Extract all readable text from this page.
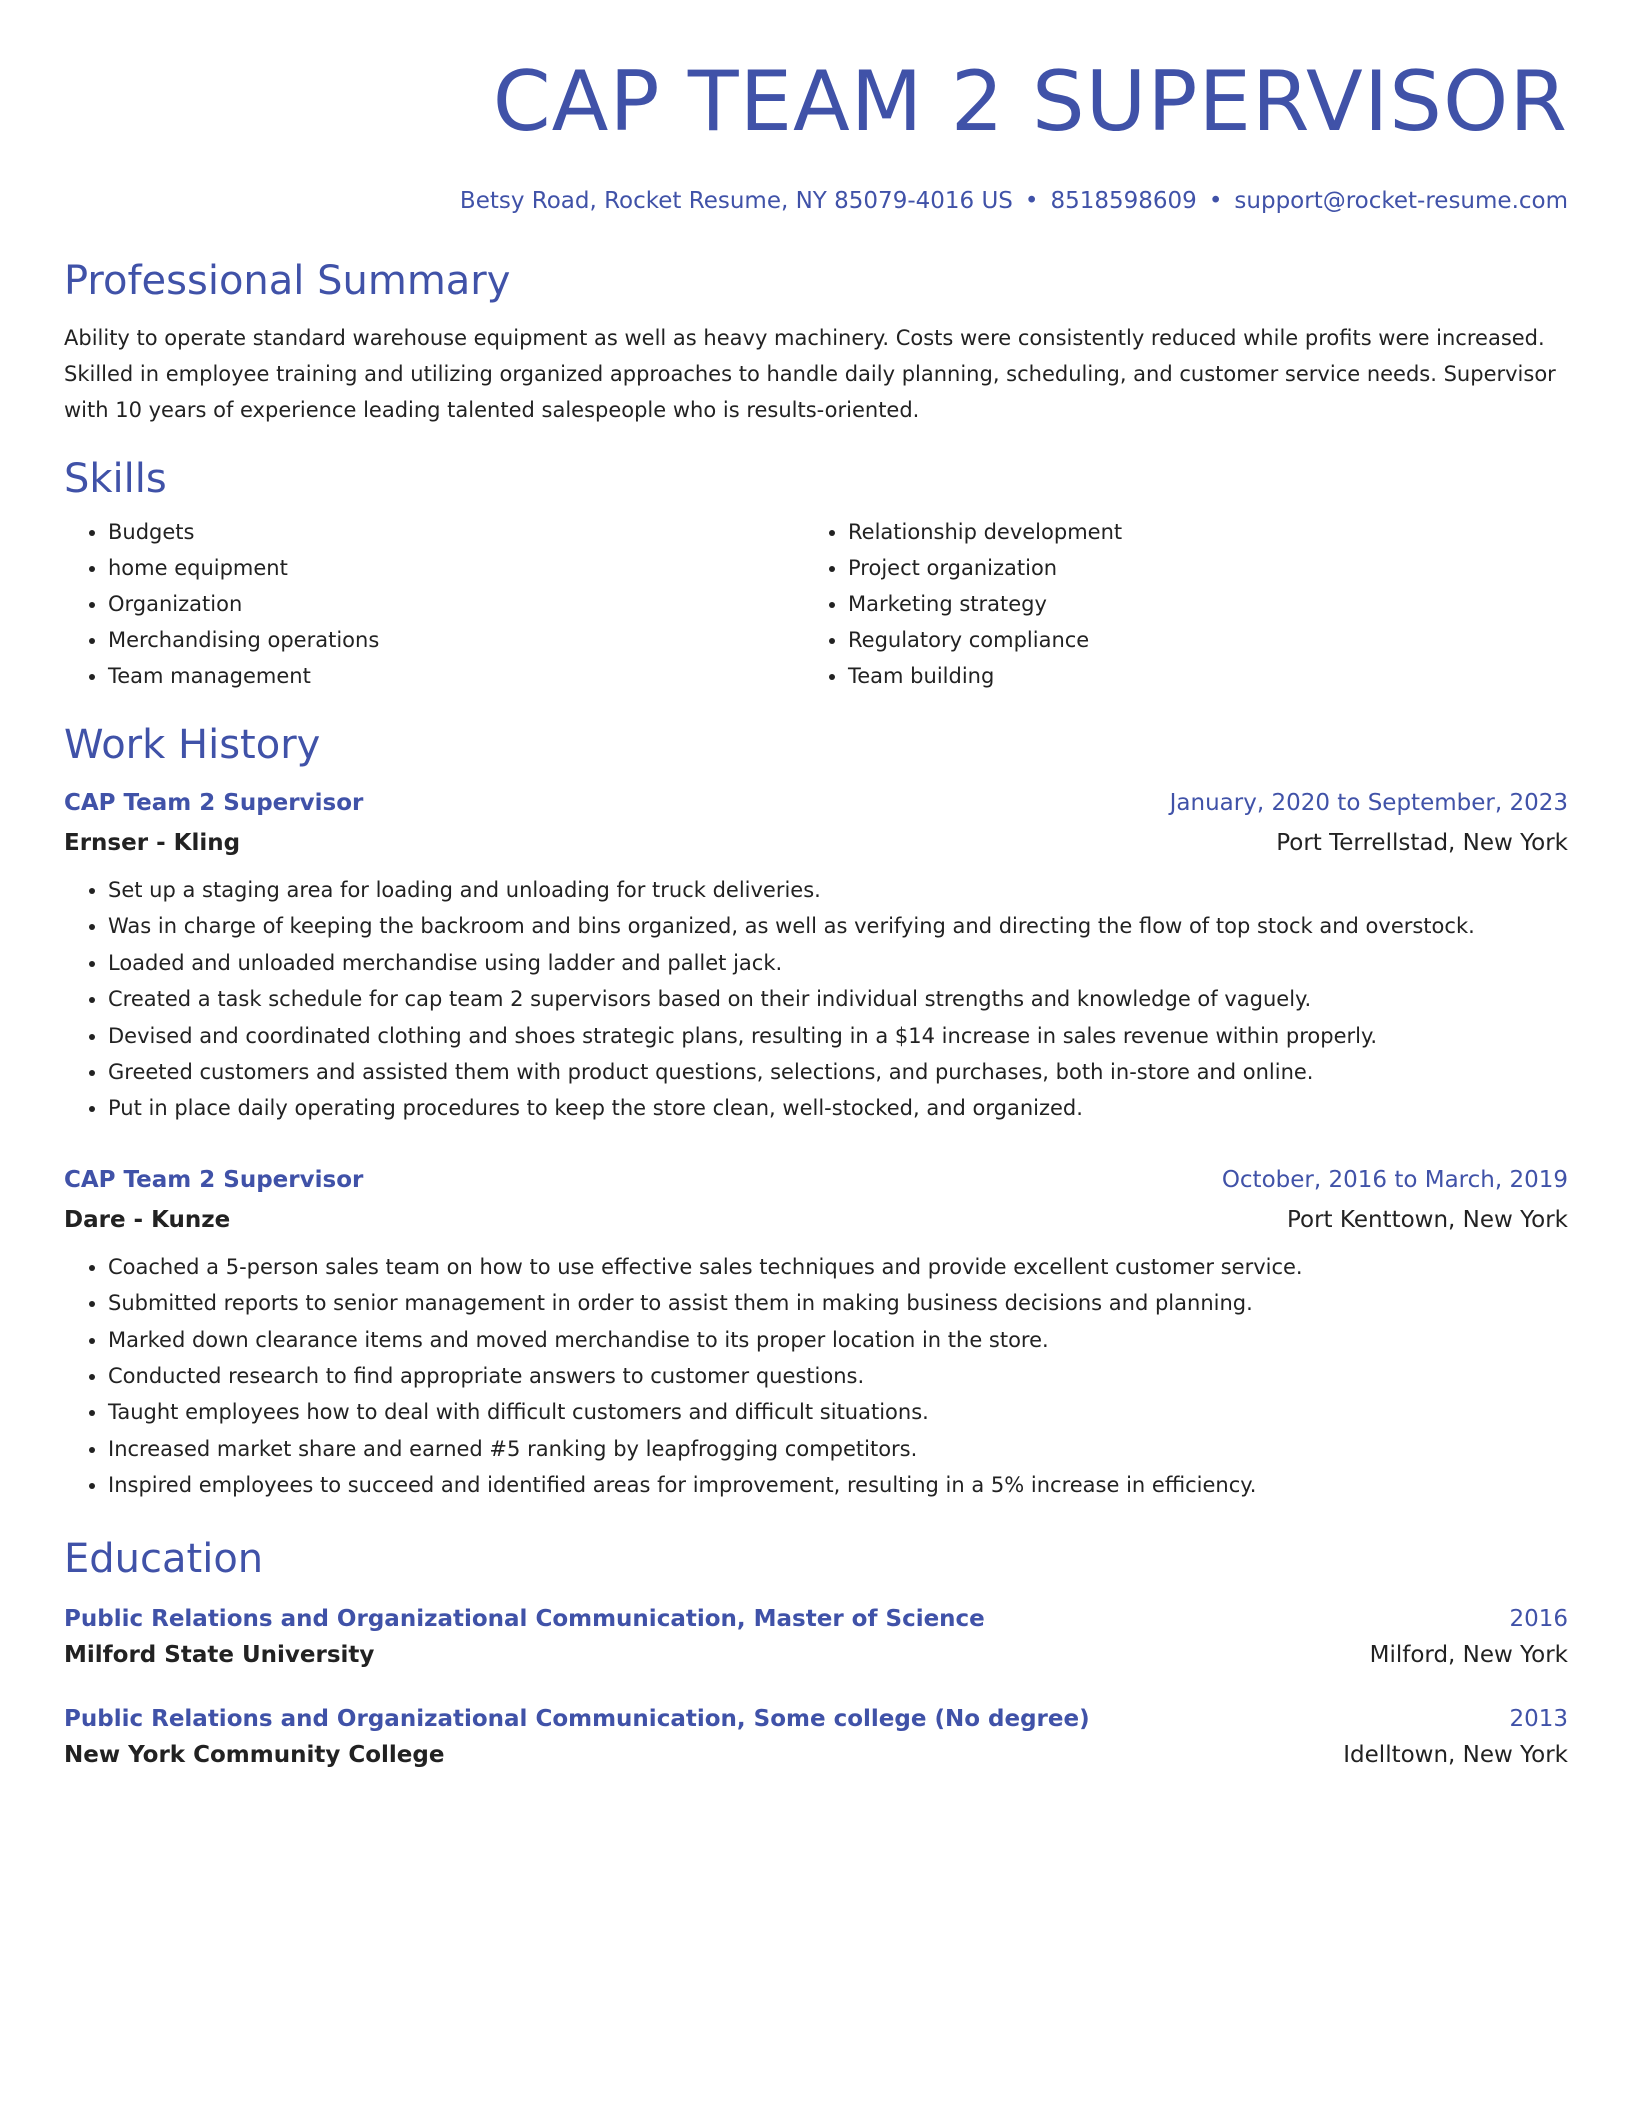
CAP TEAM 2 SUPERVISOR
Betsy Road, Rocket Resume, NY 85079-4016 US • 8518598609 • support@rocket-resume.com
Professional Summary
Ability to operate standard warehouse equipment as well as heavy machinery. Costs were consistently reduced while profits were increased. Skilled in employee training and utilizing organized approaches to handle daily planning, scheduling, and customer service needs. Supervisor with 10 years of experience leading talented salespeople who is results-oriented.
Skills
• Budgets
• home equipment
• Organization
• Merchandising operations
• Team management
• Relationship development
• Project organization
• Marketing strategy
• Regulatory compliance
• Team building
Work History
CAP Team 2 Supervisor	January, 2020 to September, 2023
Ernser - Kling	Port Terrellstad, New York
• Set up a staging area for loading and unloading for truck deliveries.
• Was in charge of keeping the backroom and bins organized, as well as verifying and directing the flow of top stock and overstock.
• Loaded and unloaded merchandise using ladder and pallet jack.
• Created a task schedule for cap team 2 supervisors based on their individual strengths and knowledge of vaguely.
• Devised and coordinated clothing and shoes strategic plans, resulting in a $14 increase in sales revenue within properly.
• Greeted customers and assisted them with product questions, selections, and purchases, both in-store and online.
• Put in place daily operating procedures to keep the store clean, well-stocked, and organized.
CAP Team 2 Supervisor	October, 2016 to March, 2019
Dare - Kunze	Port Kenttown, New York
• Coached a 5-person sales team on how to use effective sales techniques and provide excellent customer service.
• Submitted reports to senior management in order to assist them in making business decisions and planning.
• Marked down clearance items and moved merchandise to its proper location in the store.
• Conducted research to find appropriate answers to customer questions.
• Taught employees how to deal with difficult customers and difficult situations.
• Increased market share and earned #5 ranking by leapfrogging competitors.
• Inspired employees to succeed and identified areas for improvement, resulting in a 5% increase in efficiency.
Education
Public Relations and Organizational Communication, Master of Science	2016
Milford State University	Milford, New York
Public Relations and Organizational Communication, Some college (No degree)	2013
New York Community College	Idelltown, New York
